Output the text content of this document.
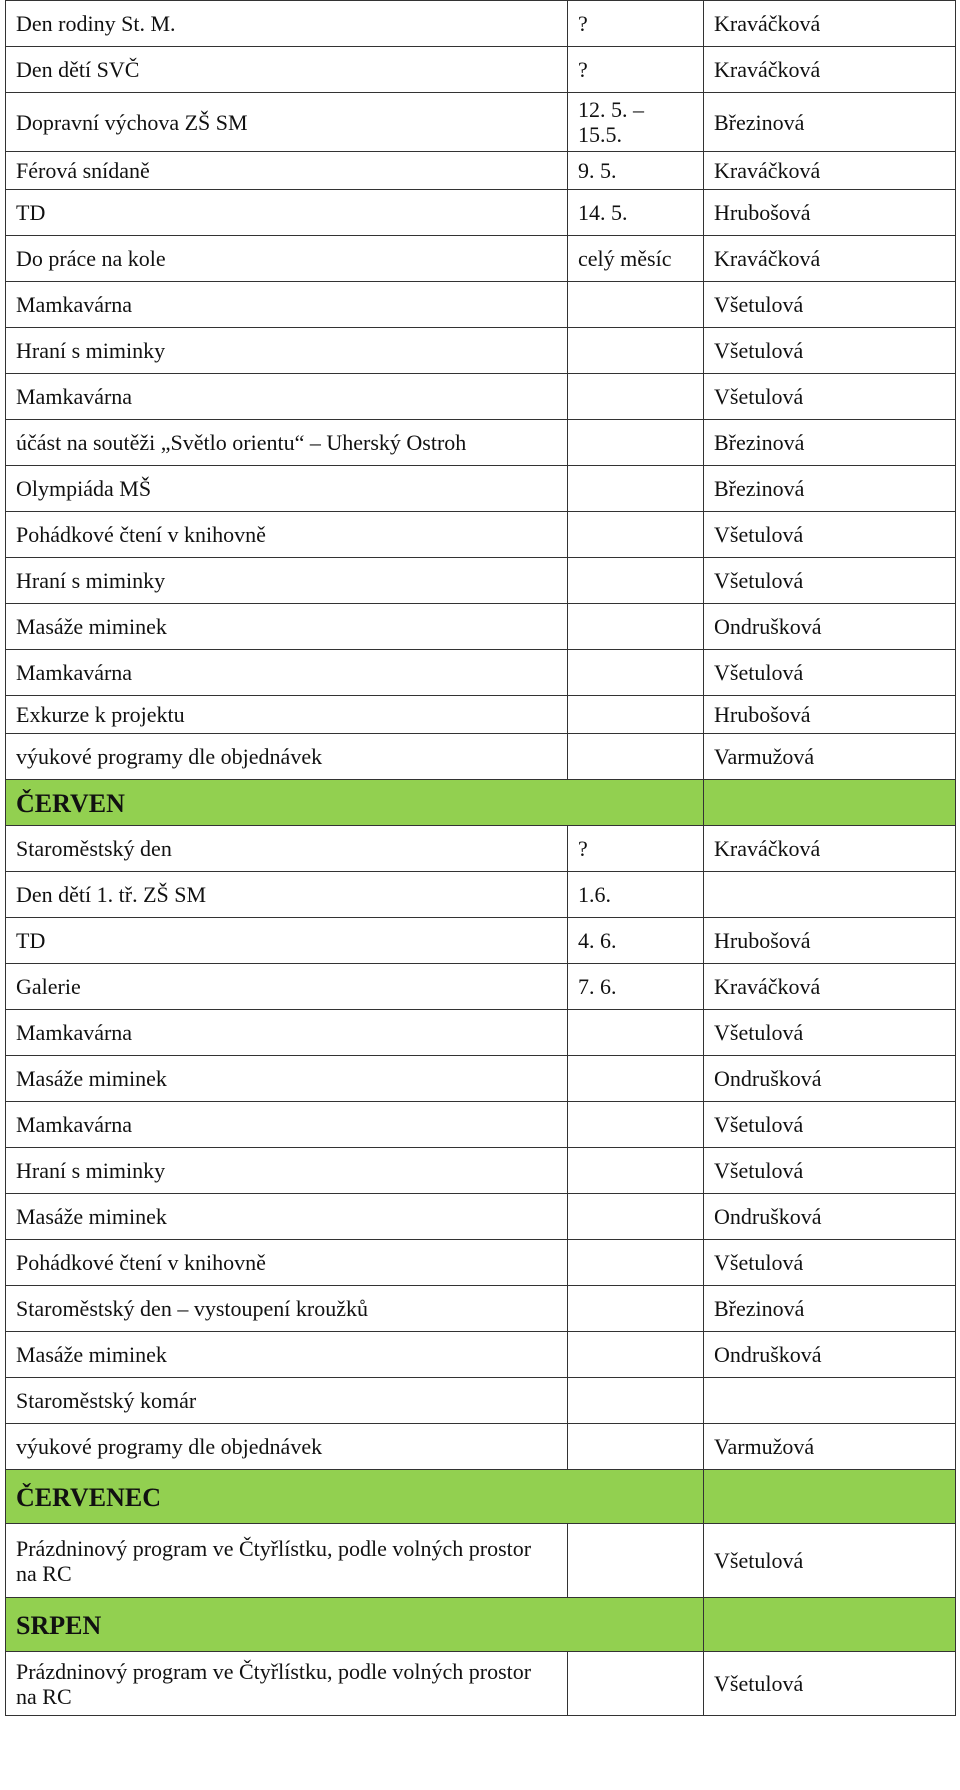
Den rodiny St. M.	?	Kraváčková
Den dětí SVČ	?	Kraváčková
Dopravní výchova ZŠ SM	12. 5. – 15.5.	Březinová
Férová snídaně	9. 5.	Kraváčková
TD	14. 5.	Hrubošová
Do práce na kole	celý měsíc	Kraváčková
Mamkavárna		Všetulová
Hraní s miminky		Všetulová
Mamkavárna		Všetulová
účást na soutěži „Světlo orientu“ – Uherský Ostroh		Březinová
Olympiáda MŠ		Březinová
Pohádkové čtení v knihovně		Všetulová
Hraní s miminky		Všetulová
Masáže miminek		Ondrušková
Mamkavárna		Všetulová
Exkurze k projektu		Hrubošová
výukové programy dle objednávek		Varmužová
ČERVEN		
Staroměstský den	?	Kraváčková
Den dětí 1. tř. ZŠ SM	1.6.	
TD	4. 6.	Hrubošová
Galerie	7. 6.	Kraváčková
Mamkavárna		Všetulová
Masáže miminek		Ondrušková
Mamkavárna		Všetulová
Hraní s miminky		Všetulová
Masáže miminek		Ondrušková
Pohádkové čtení v knihovně		Všetulová
Staroměstský den – vystoupení kroužků		Březinová
Masáže miminek		Ondrušková
Staroměstský komár		
výukové programy dle objednávek		Varmužová
ČERVENEC		
Prázdninový program ve Čtyřlístku, podle volných prostor na RC		Všetulová
SRPEN		
Prázdninový program ve Čtyřlístku, podle volných prostor na RC		Všetulová
